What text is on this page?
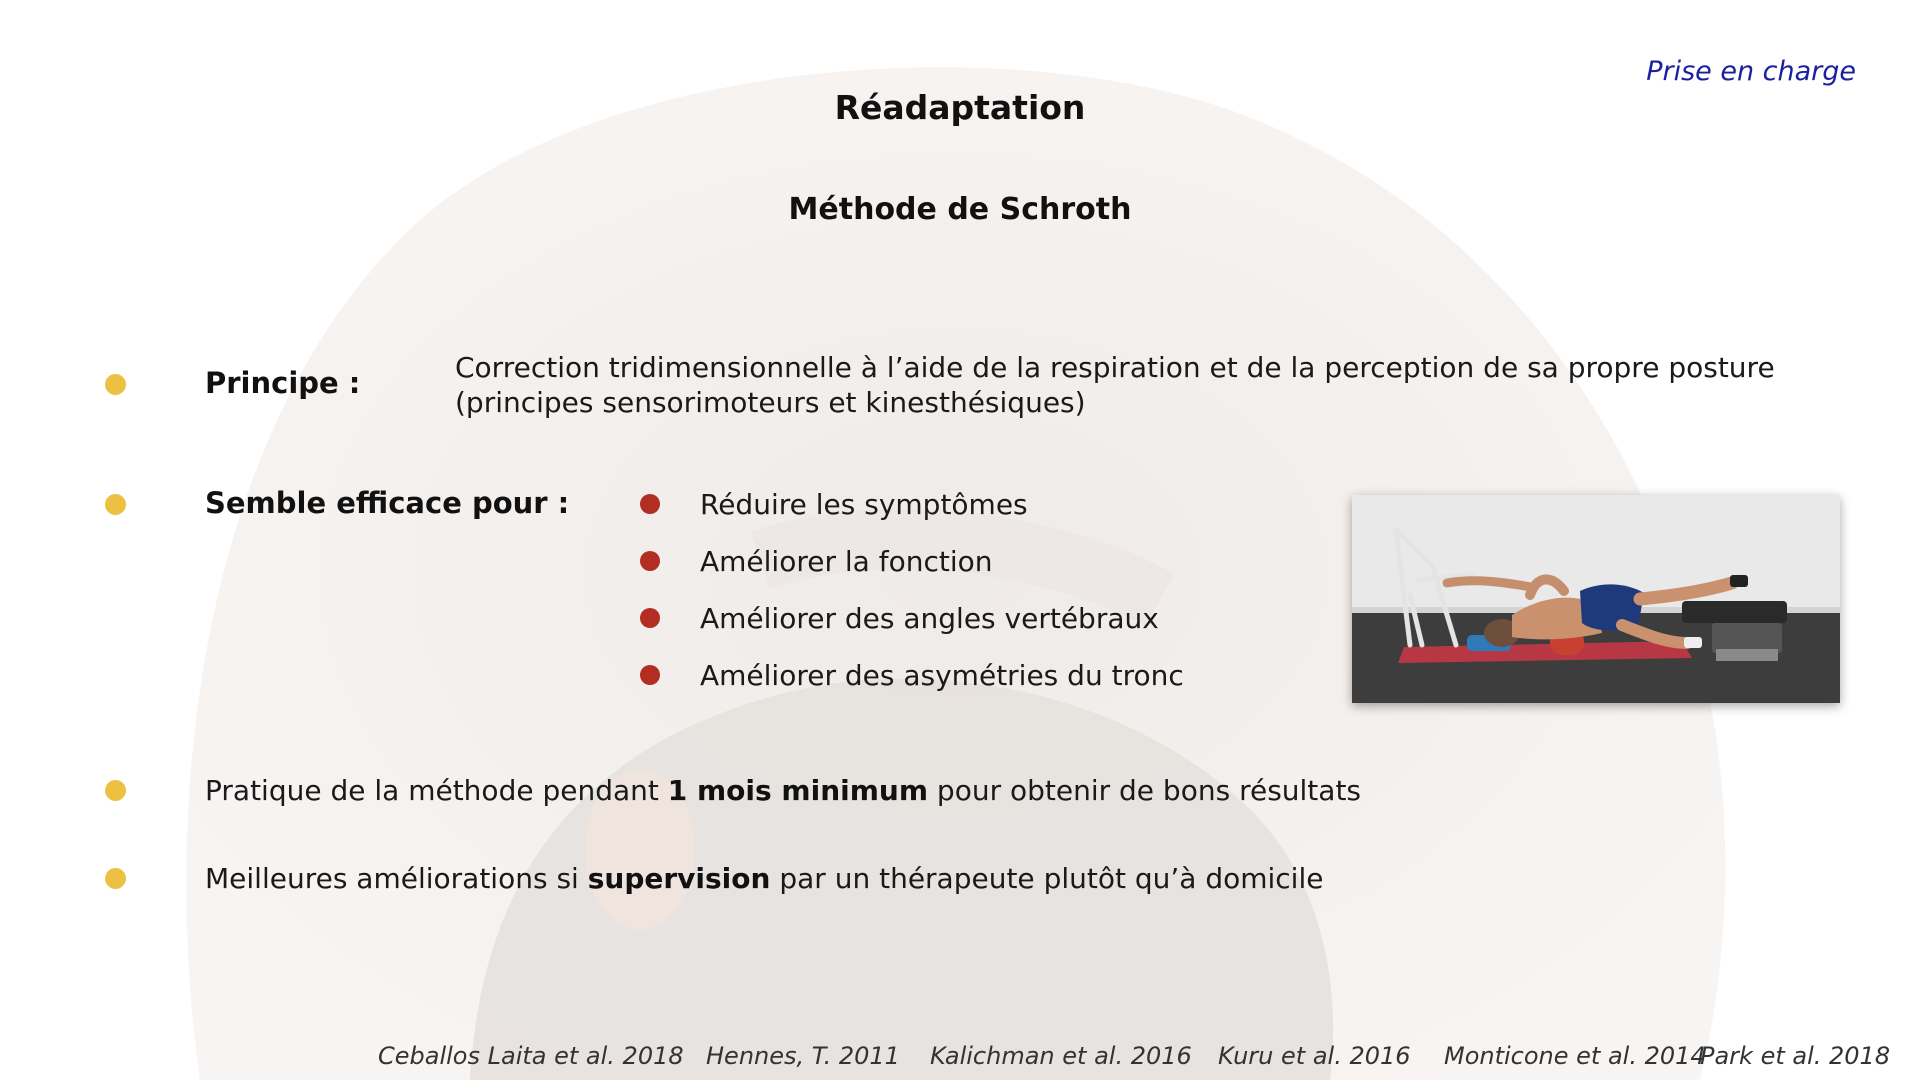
Prise en charge
Réadaptation
Méthode de Schroth
Principe :	Correction tridimensionnelle à l’aide de la respiration et de la perception de sa propre posture
(principes sensorimoteurs et kinesthésiques)
Semble efficace pour :	Réduire les symptômes
Améliorer la fonction
Améliorer des angles vertébraux
Améliorer des asymétries du tronc
Pratique de la méthode pendant 1 mois minimum pour obtenir de bons résultats
Meilleures améliorations si supervision par un thérapeute plutôt qu’à domicile
Ceballos Laita et al. 2018 Hennes, T. 2011 Kalichman et al. 2016 Kuru et al. 2016 Monticone et al. 2014
Park et al. 2018
